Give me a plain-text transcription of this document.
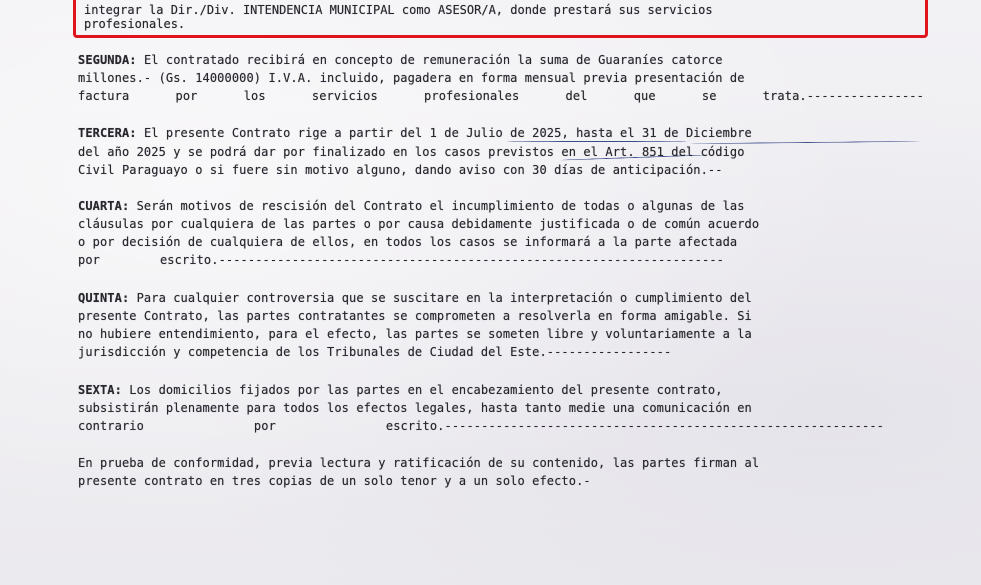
integrar la Dir./Div. INTENDENCIA MUNICIPAL como ASESOR/A, donde prestará sus servicios
profesionales.
SEGUNDA: El contratado recibirá en concepto de remuneración la suma de Guaraníes catorce
millones.- (Gs. 14000000) I.V.A. incluido, pagadera en forma mensual previa presentación de
factura	por	los	servicios	profesionales	del	que	se	trata.----------------
TERCERA: El presente Contrato rige a partir del 1 de Julio de 2025, hasta el 31 de Diciembre
del año 2025 y se podrá dar por finalizado en los casos previstos en el Art. 851 del código
Civil Paraguayo o si fuere sin motivo alguno, dando aviso con 30 días de anticipación.--
CUARTA: Serán motivos de rescisión del Contrato el incumplimiento de todas o algunas de las
cláusulas por cualquiera de las partes o por causa debidamente justificada o de común acuerdo
o por decisión de cualquiera de ellos, en todos los casos se informará a la parte afectada
por	escrito.---------------------------------------------------------------------
QUINTA: Para cualquier controversia que se suscitare en la interpretación o cumplimiento del
presente Contrato, las partes contratantes se comprometen a resolverla en forma amigable. Si
no hubiere entendimiento, para el efecto, las partes se someten libre y voluntariamente a la
jurisdicción y competencia de los Tribunales de Ciudad del Este.-----------------
SEXTA: Los domicilios fijados por las partes en el encabezamiento del presente contrato,
subsistirán plenamente para todos los efectos legales, hasta tanto medie una comunicación en
contrario	por	escrito.------------------------------------------------------------
En prueba de conformidad, previa lectura y ratificación de su contenido, las partes firman al
presente contrato en tres copias de un solo tenor y a un solo efecto.-
